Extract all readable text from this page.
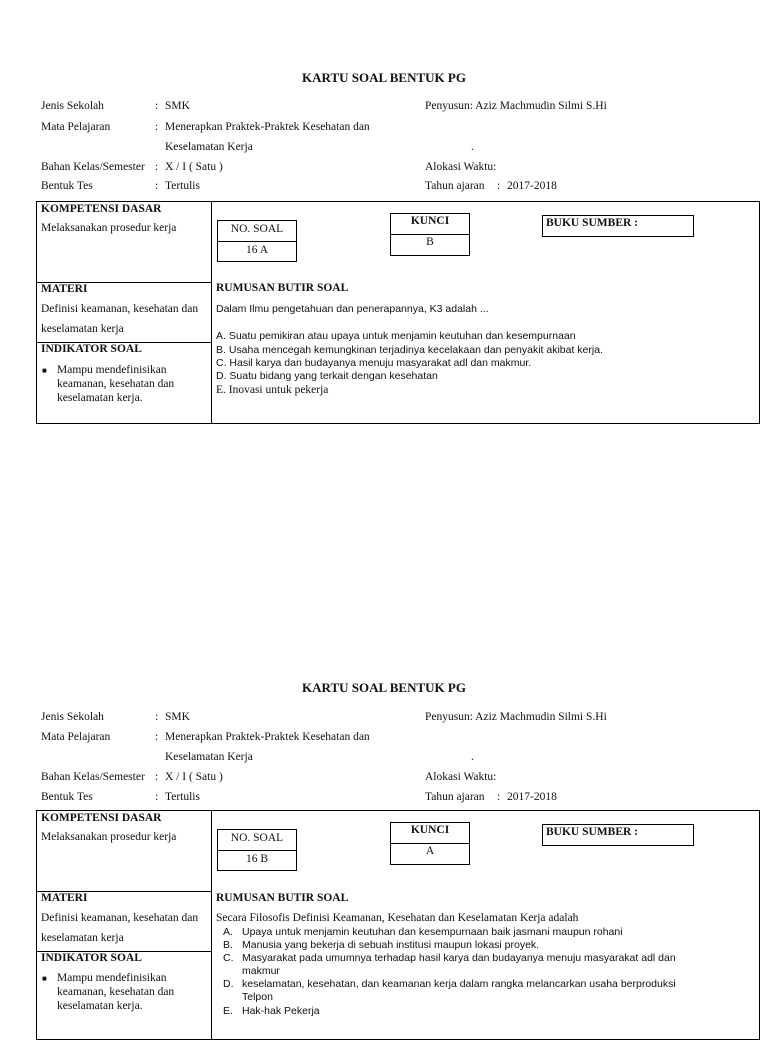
KARTU SOAL BENTUK PG
Jenis Sekolah	: SMK	Penyusun: Aziz Machmudin Silmi S.Hi
Mata Pelajaran	: Menerapkan Praktek-Praktek Kesehatan dan
Keselamatan Kerja	.
Bahan Kelas/Semester : X / I ( Satu )	Alokasi Waktu:
Bentuk Tes	: Tertulis	Tahun ajaran : 2017-2018
KOMPETENSI DASAR
Melaksanakan prosedur kerja
MATERI
Definisi keamanan, kesehatan dan
keselamatan kerja
INDIKATOR SOAL
■ Mampu mendefinisikan keamanan, kesehatan dan keselamatan kerja.
NO. SOAL
16 A
KUNCI
B
BUKU SUMBER :
RUMUSAN BUTIR SOAL
Dalam Ilmu pengetahuan dan penerapannya, K3 adalah ...
A. Suatu pemikiran atau upaya untuk menjamin keutuhan dan kesempurnaan
B. Usaha mencegah kemungkinan terjadinya kecelakaan dan penyakit akibat kerja.
C. Hasil karya dan budayanya menuju masyarakat adl dan makmur.
D. Suatu bidang yang terkait dengan kesehatan
E. Inovasi untuk pekerja
KARTU SOAL BENTUK PG
Jenis Sekolah	: SMK	Penyusun: Aziz Machmudin Silmi S.Hi
Mata Pelajaran	: Menerapkan Praktek-Praktek Kesehatan dan
Keselamatan Kerja	.
Bahan Kelas/Semester : X / I ( Satu )	Alokasi Waktu:
Bentuk Tes	: Tertulis	Tahun ajaran : 2017-2018
KOMPETENSI DASAR
Melaksanakan prosedur kerja
MATERI
Definisi keamanan, kesehatan dan
keselamatan kerja
INDIKATOR SOAL
■ Mampu mendefinisikan keamanan, kesehatan dan keselamatan kerja.
NO. SOAL
16 B
KUNCI
A
BUKU SUMBER :
RUMUSAN BUTIR SOAL
Secara Filosofis Definisi Keamanan, Kesehatan dan Keselamatan Kerja adalah
A. Upaya untuk menjamin keutuhan dan kesempurnaan baik jasmani maupun rohani
B. Manusia yang bekerja di sebuah institusi maupun lokasi proyek.
C. Masyarakat pada umumnya terhadap hasil karya dan budayanya menuju masyarakat adl dan
makmur
D. keselamatan, kesehatan, dan keamanan kerja dalam rangka melancarkan usaha berproduksi
Telpon
E. Hak-hak Pekerja
